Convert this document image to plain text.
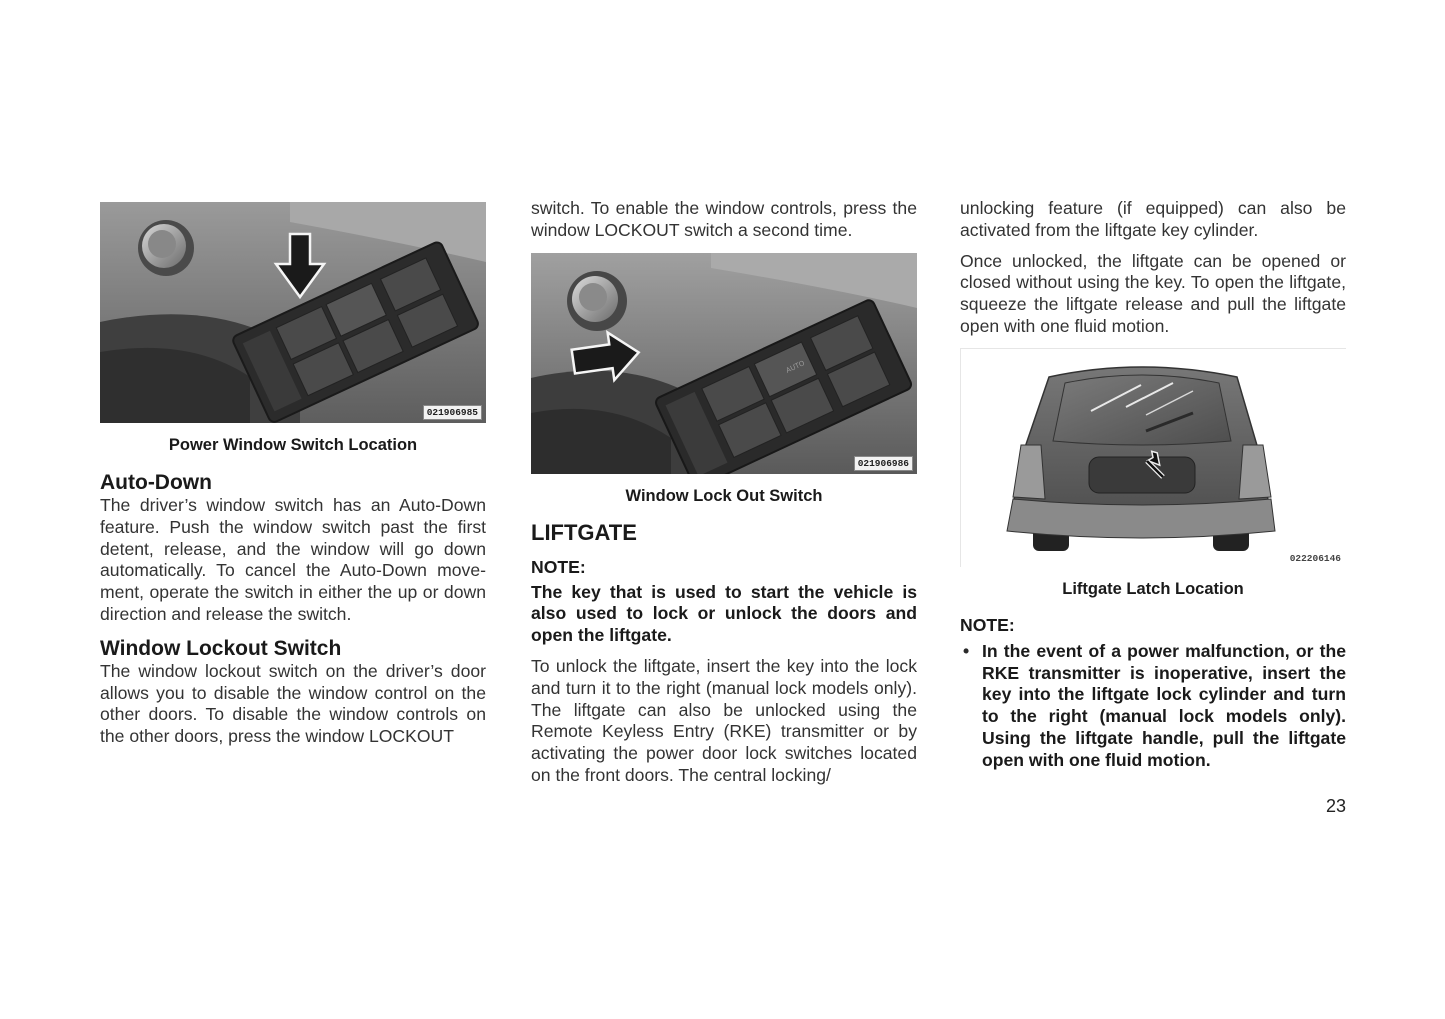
021906985
Power Window Switch Location
Auto-Down

The driver’s window switch has an Auto-Down feature. Push the window switch past the first detent, release, and the window will go down automatically. To cancel the Auto-Down move-ment, operate the switch in either the up or down direction and release the switch.

Window Lockout Switch

The window lockout switch on the driver’s door allows you to disable the window control on the other doors. To disable the window controls on the other doors, press the window LOCKOUT

switch. To enable the window controls, press the window LOCKOUT switch a second time.

AUTO
021906986
Window Lock Out Switch
LIFTGATE
NOTE:

The key that is used to start the vehicle is also used to lock or unlock the doors and open the liftgate.

To unlock the liftgate, insert the key into the lock and turn it to the right (manual lock models only). The liftgate can also be unlocked using the Remote Keyless Entry (RKE) transmitter or by activating the power door lock switches located on the front doors. The central locking/

unlocking feature (if equipped) can also be activated from the liftgate key cylinder.

Once unlocked, the liftgate can be opened or closed without using the key. To open the liftgate, squeeze the liftgate release and pull the liftgate open with one fluid motion.

022206146
Liftgate Latch Location
NOTE:

• In the event of a power malfunction, or the RKE transmitter is inoperative, insert the key into the liftgate lock cylinder and turn to the right (manual lock models only). Using the liftgate handle, pull the liftgate open with one fluid motion.

23
